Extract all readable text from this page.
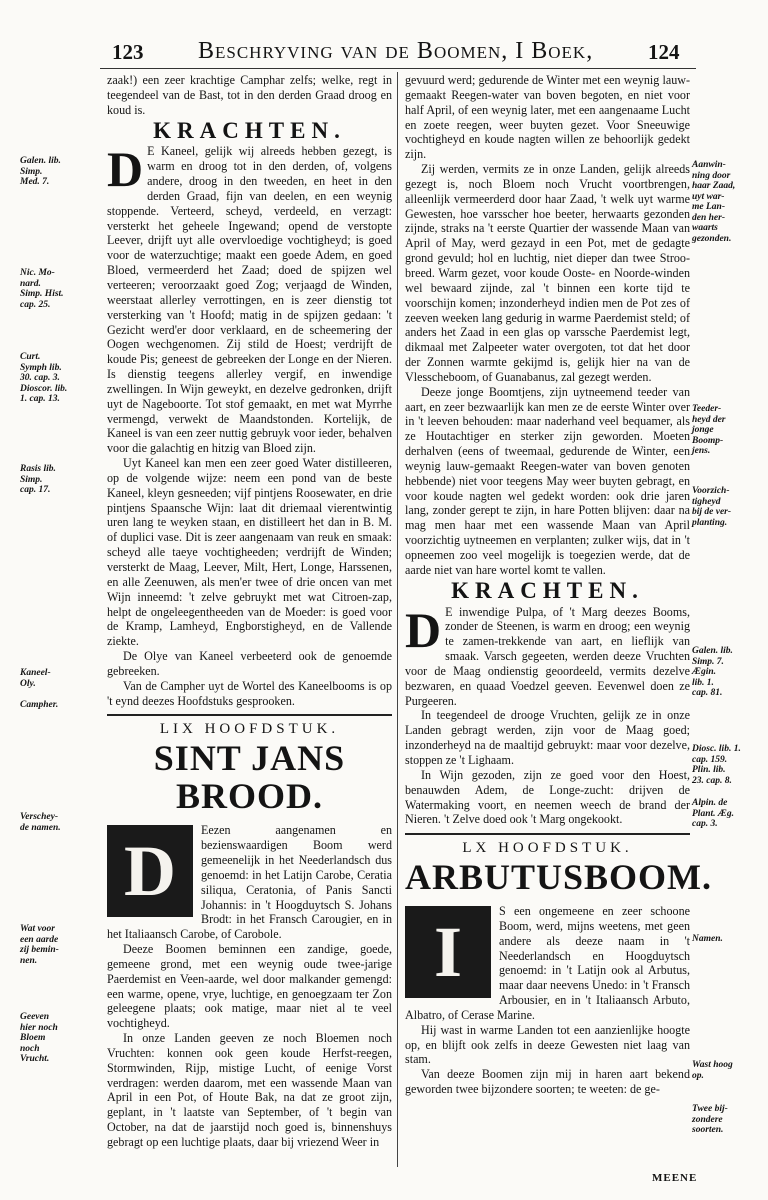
123 Beschryving van de Boomen, I Boek,	124

zaak!) een zeer krachtige Camphar zelfs; welke, regt in teegendeel van de Bast, tot in den derden Graad droog en koud is.

KRACHTEN.

D E Kaneel, gelijk wij alreeds hebben gezegt, is warm en droog tot in den derden, of, volgens andere, droog in den tweeden, en heet in den derden Graad, fijn van deelen, en een weynig stoppende. Verteerd, scheyd, verdeeld, en verzagt: versterkt het geheele Ingewand; opend de verstopte Leever, drijft uyt alle overvloedige vochtigheyd; is goed voor de waterzuchtige; maakt een goede Adem, en goed Bloed, vermeerderd het Zaad; doed de spijzen wel verteeren; veroorzaakt goed Zog; verjaagd de Winden, weerstaat allerley verrottingen, en is zeer dienstig tot versterking van 't Hoofd; matig in de spijzen gedaan: 't Gezicht werd'er door verklaard, en de scheemering der Oogen wechgenomen. Zij stild de Hoest; verdrijft de koude Pis; geneest de gebreeken der Longe en der Nieren. Is dienstig teegens allerley vergif, en inwendige zwellingen. In Wijn geweykt, en dezelve gedronken, drijft uyt de Nageboorte. Tot stof gemaakt, en met wat Myrrhe vermengd, verwekt de Maandstonden. Kortelijk, de Kaneel is van een zeer nuttig gebruyk voor ieder, behalven voor die galachtig en hitzig van Bloed zijn.

Uyt Kaneel kan men een zeer goed Water distilleeren, op de volgende wijze: neem een pond van de beste Kaneel, kleyn gesneeden; vijf pintjens Roosewater, en drie pintjens Spaansche Wijn: laat dit driemaal vierentwintig uren lang te weyken staan, en distilleert het dan in B. M. of duplici vase. Dit is zeer aangenaam van reuk en smaak: scheyd alle taeye vochtigheeden; verdrijft de Winden; versterkt de Maag, Leever, Milt, Hert, Longe, Harssenen, en alle Zeenuwen, als men'er twee of drie oncen van met Wijn inneemd: 't zelve gebruykt met wat Citroen-zap, helpt de ongeleegentheeden van de Moeder: is goed voor de Kramp, Lamheyd, Engborstigheyd, en de Vallende ziekte.

De Olye van Kaneel verbeeterd ook de genoemde gebreeken.

Van de Campher uyt de Wortel des Kaneelbooms is op 't eynd deezes Hoofdstuks gesprooken.

LIX HOOFDSTUK.
SINT JANS BROOD.

D
Eezen aangenamen en bezienswaardigen Boom werd gemeenelijk in het Neederlandsch dus genoemd: in het Latijn Carobe, Ceratia siliqua, Ceratonia, of Panis Sancti Johannis: in 't Hoogduytsch S. Johans Brodt: in het Fransch Carougier, en in het Italiaansch Carobe, of Carobole.

Deeze Boomen beminnen een zandige, goede, gemeene grond, met een weynig oude twee-jarige Paerdemist en Veen-aarde, wel door malkander gemengd: een warme, opene, vrye, luchtige, en genoegzaam ter Zon geleegene plaats; ook matige, maar niet al te veel vochtigheyd.

In onze Landen geeven ze noch Bloemen noch Vruchten: konnen ook geen koude Herfst-reegen, Stormwinden, Rijp, mistige Lucht, of eenige Vorst verdragen: werden daarom, met een wassende Maan van April in een Pot, of Houte Bak, na dat ze groot zijn, geplant, in 't laatste van September, of 't begin van October, na dat de jaarstijd noch goed is, binnenshuys gebragt op een luchtige plaats, daar bij vriezend Weer in

gevuurd werd; gedurende de Winter met een weynig lauw-gemaakt Reegen-water van boven begoten, en niet voor half April, of een weynig later, met een aangenaame Lucht en zoete reegen, weer buyten gezet. Voor Sneeuwige vochtigheyd en koude nagten willen ze behoorlijk gedekt zijn.

Zij werden, vermits ze in onze Landen, gelijk alreeds gezegt is, noch Bloem noch Vrucht voortbrengen, alleenlijk vermeerderd door haar Zaad, 't welk uyt warme Gewesten, hoe varsscher hoe beeter, herwaarts gezonden zijnde, straks na 't eerste Quartier der wassende Maan van April of May, werd gezayd in een Pot, met de gedagte grond gevuld; hol en luchtig, niet dieper dan twee Stroo-breed. Warm gezet, voor koude Ooste- en Noorde-winden wel bewaard zijnde, zal 't binnen een korte tijd te voorschijn komen; inzonderheyd indien men de Pot zes of zeeven weeken lang gedurig in warme Paerdemist steld; of anders het Zaad in een glas op varssche Paerdemist legt, dikmaal met Zalpeeter water overgoten, tot dat het door der Zonnen warmte gekijmd is, gelijk hier na van de Vlesscheboom, of Guanabanus, zal gezegt werden.

Deeze jonge Boomtjens, zijn uytneemend teeder van aart, en zeer bezwaarlijk kan men ze de eerste Winter over in 't leeven behouden: maar naderhand veel bequamer, als ze Houtachtiger en sterker zijn geworden. Moeten derhalven (eens of tweemaal, gedurende de Winter, een weynig lauw-gemaakt Reegen-water van boven genoten hebbende) niet voor teegens May weer buyten gebragt, en voor koude nagten wel gedekt worden: ook drie jaren lang, zonder gerept te zijn, in hare Potten blijven: daar na mag men haar met een wassende Maan van April voorzichtig uytneemen en verplanten; zulker wijs, dat in 't opneemen zoo veel mogelijk is toegezien werde, dat de aarde niet van hare wortel komt te vallen.

KRACHTEN.

D E inwendige Pulpa, of 't Marg deezes Booms, zonder de Steenen, is warm en droog; een weynig te zamen-trekkende van aart, en lieflijk van smaak. Varsch gegeeten, werden deeze Vruchten voor de Maag ondienstig geoordeeld, vermits dezelve bezwaren, en quaad Voedzel geeven. Eevenwel doen ze Purgeeren.

In teegendeel de drooge Vruchten, gelijk ze in onze Landen gebragt werden, zijn voor de Maag goed; inzonderheyd na de maaltijd gebruykt: maar voor dezelve, stoppen ze 't Lighaam.

In Wijn gezoden, zijn ze goed voor den Hoest, benauwden Adem, de Longe-zucht: drijven de Watermaking voort, en neemen weech de brand der Nieren. 't Zelve doed ook 't Marg ongekookt.

LX HOOFDSTUK.
ARBUTUSBOOM.

I
S een ongemeene en zeer schoone Boom, werd, mijns weetens, met geen andere als deeze naam in 't Neederlandsch en Hoogduytsch genoemd: in 't Latijn ook al Arbutus, maar daar neevens Unedo: in 't Fransch Arbousier, en in 't Italiaansch Arbuto, Albatro, of Cerase Marine.

Hij wast in warme Landen tot een aanzienlijke hoogte op, en blijft ook zelfs in deeze Gewesten niet laag van stam.

Van deeze Boomen zijn mij in haren aart bekend geworden twee bijzondere soorten; te weeten: de ge-

Galen. lib.
Simp.
Med. 7.
Nic. Mo-
nard.
Simp. Hist.
cap. 25.
Curt.
Symph lib.
30. cap. 3.
Dioscor. lib.
1. cap. 13.
Rasis lib.
Simp.
cap. 17.
Kaneel-
Oly.
Campher.
Verschey-
de namen.
Wat voor
een aarde
zij bemin-
nen.
Geeven
hier noch
Bloem
noch
Vrucht.
Aanwin-
ning door
haar Zaad,
uyt war-
me Lan-
den her-
waarts
gezonden.
Teeder-
heyd der
jonge
Boomp-
jens.
Voorzich-
tigheyd
bij de ver-
planting.
Galen. lib.
Simp. 7.
Ægin.
lib. 1.
cap. 81.
Diosc. lib. 1.
cap. 159.
Plin. lib.
23. cap. 8.
Alpin. de
Plant. Æg.
cap. 3.
Namen.
Wast hoog
op.
Twee bij-
zondere
soorten.
MEENE
